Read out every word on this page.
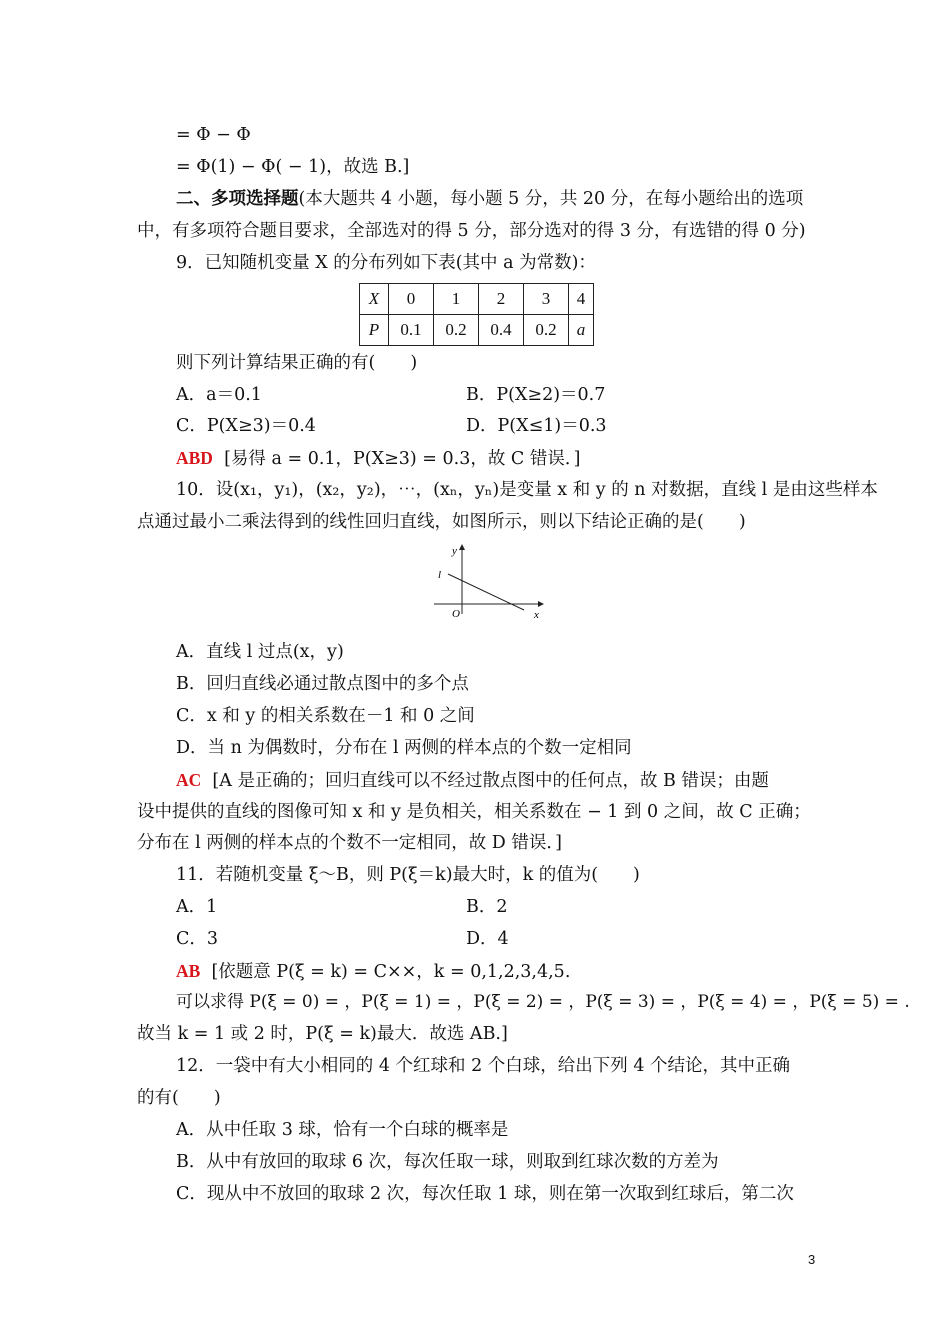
= Φ − Φ
= Φ(1) − Φ( − 1)，故选 B.]
二、多项选择题(本大题共 4 小题，每小题 5 分，共 20 分，在每小题给出的选项
中，有多项符合题目要求，全部选对的得 5 分，部分选对的得 3 分，有选错的得 0 分)
9．已知随机变量 X 的分布列如下表(其中 a 为常数)：
X	0	1	2	3	4
P	0.1	0.2	0.4	0.2	a
则下列计算结果正确的有(　　)
A．a＝0.1	B．P(X≥2)＝0.7
C．P(X≥3)＝0.4	D．P(X≤1)＝0.3
ABD [易得 a = 0.1，P(X≥3) = 0.3，故 C 错误．]
10．设(x₁，y₁)，(x₂，y₂)，⋯，(xₙ，yₙ)是变量 x 和 y 的 n 对数据，直线 l 是由这些样本
点通过最小二乘法得到的线性回归直线，如图所示，则以下结论正确的是(　　)
y
x
O
l
A．直线 l 过点(x，y)
B．回归直线必通过散点图中的多个点
C．x 和 y 的相关系数在－1 和 0 之间
D．当 n 为偶数时，分布在 l 两侧的样本点的个数一定相同
AC [A 是正确的；回归直线可以不经过散点图中的任何点，故 B 错误；由题
设中提供的直线的图像可知 x 和 y 是负相关，相关系数在 − 1 到 0 之间，故 C 正确；
分布在 l 两侧的样本点的个数不一定相同，故 D 错误．]
11．若随机变量 ξ～B，则 P(ξ＝k)最大时，k 的值为(　　)
A．1	B．2
C．3	D．4
AB [依题意 P(ξ = k) = C××，k = 0,1,2,3,4,5.
可以求得 P(ξ = 0) = ，P(ξ = 1) = ，P(ξ = 2) = ，P(ξ = 3) = ，P(ξ = 4) = ，P(ξ = 5) = .
故当 k = 1 或 2 时，P(ξ = k)最大．故选 AB.]
12．一袋中有大小相同的 4 个红球和 2 个白球，给出下列 4 个结论，其中正确
的有(　　)
A．从中任取 3 球，恰有一个白球的概率是
B．从中有放回的取球 6 次，每次任取一球，则取到红球次数的方差为
C．现从中不放回的取球 2 次，每次任取 1 球，则在第一次取到红球后，第二次
3
